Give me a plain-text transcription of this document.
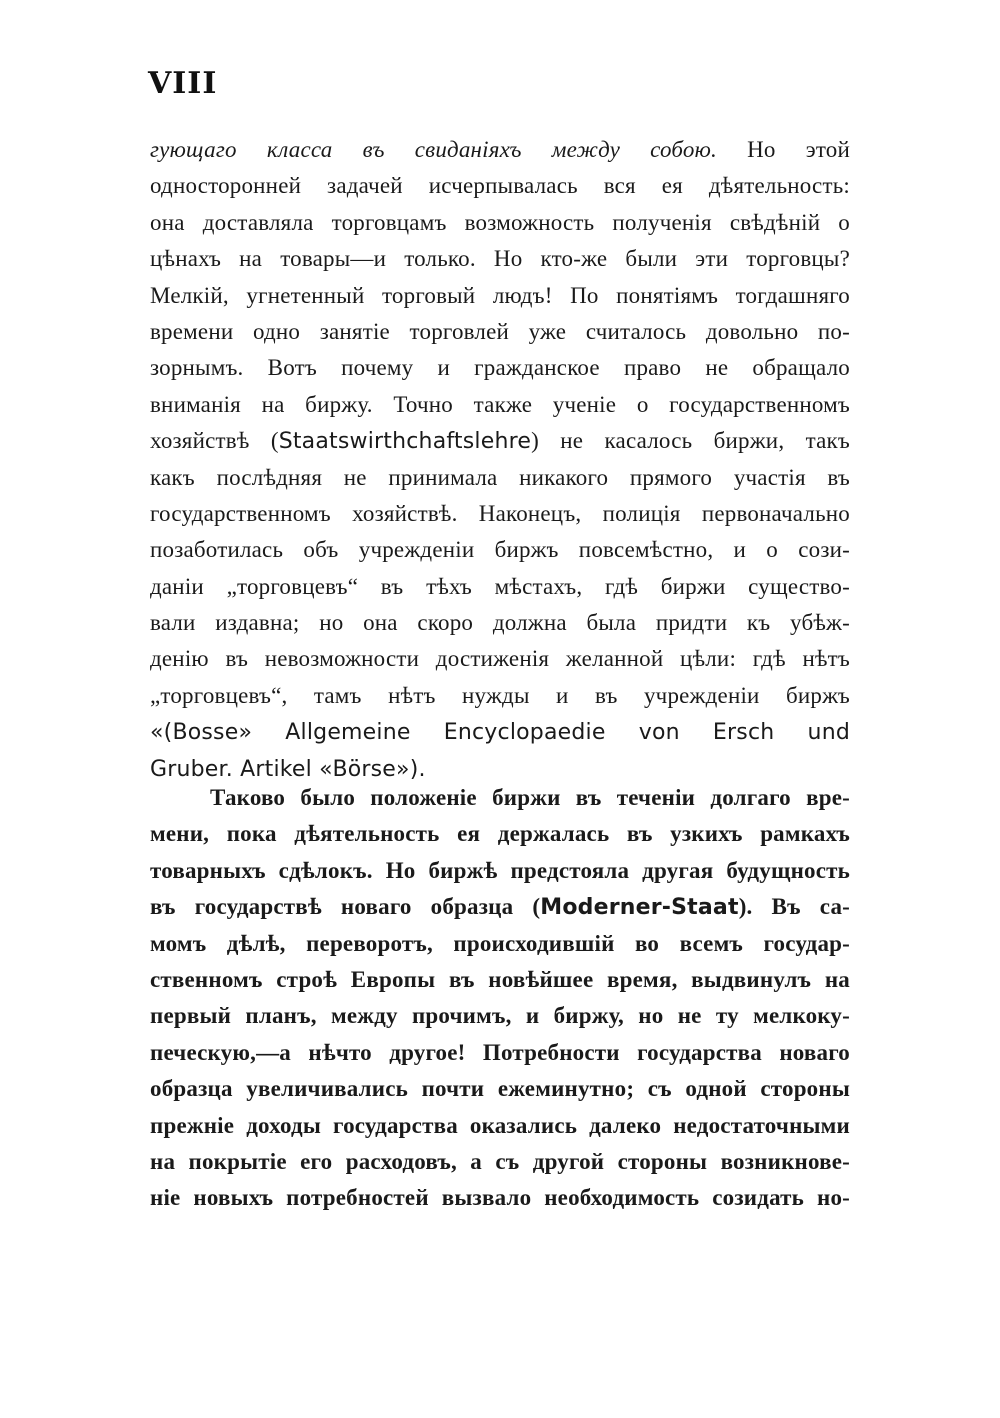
VIII
гующаго класса въ свиданіяхъ между собою. Но этой
односторонней задачей исчерпывалась вся ея дѣятельность:
она доставляла торговцамъ возможность полученія свѣдѣній о
цѣнахъ на товары—и только. Но кто-же были эти торговцы?
Мелкій, угнетенный торговый людъ! По понятіямъ тогдашняго
времени одно занятіе торговлей уже считалось довольно по-
зорнымъ. Вотъ почему и гражданское право не обращало
вниманія на биржу. Точно также ученіе о государственномъ
хозяйствѣ (Staatswirthchaftslehre) не касалось биржи, такъ
какъ послѣдняя не принимала никакого прямого участія въ
государственномъ хозяйствѣ. Наконецъ, полиція первоначально
позаботилась объ учрежденіи биржъ повсемѣстно, и о сози-
даніи „торговцевъ“ въ тѣхъ мѣстахъ, гдѣ биржи существо-
вали издавна; но она скоро должна была придти къ убѣж-
денію въ невозможности достиженія желанной цѣли: гдѣ нѣтъ
„торговцевъ“, тамъ нѣтъ нужды и въ учрежденіи биржъ
«(Bosse» Allgemeine Encyclopaedie von Ersch und
Gruber. Artikel «Börse»).
Таково было положеніе биржи въ теченіи долгаго вре-
мени, пока дѣятельность ея держалась въ узкихъ рамкахъ
товарныхъ сдѣлокъ. Но биржѣ предстояла другая будущность
въ государствѣ новаго образца (Moderner-Staat). Въ са-
момъ дѣлѣ, переворотъ, происходившій во всемъ государ-
ственномъ строѣ Европы въ новѣйшее время, выдвинулъ на
первый планъ, между прочимъ, и биржу, но не ту мелкоку-
печескую,—а нѣчто другое! Потребности государства новаго
образца увеличивались почти ежеминутно; съ одной стороны
прежніе доходы государства оказались далеко недостаточными
на покрытіе его расходовъ, а съ другой стороны возникнове-
ніе новыхъ потребностей вызвало необходимость созидать но-
